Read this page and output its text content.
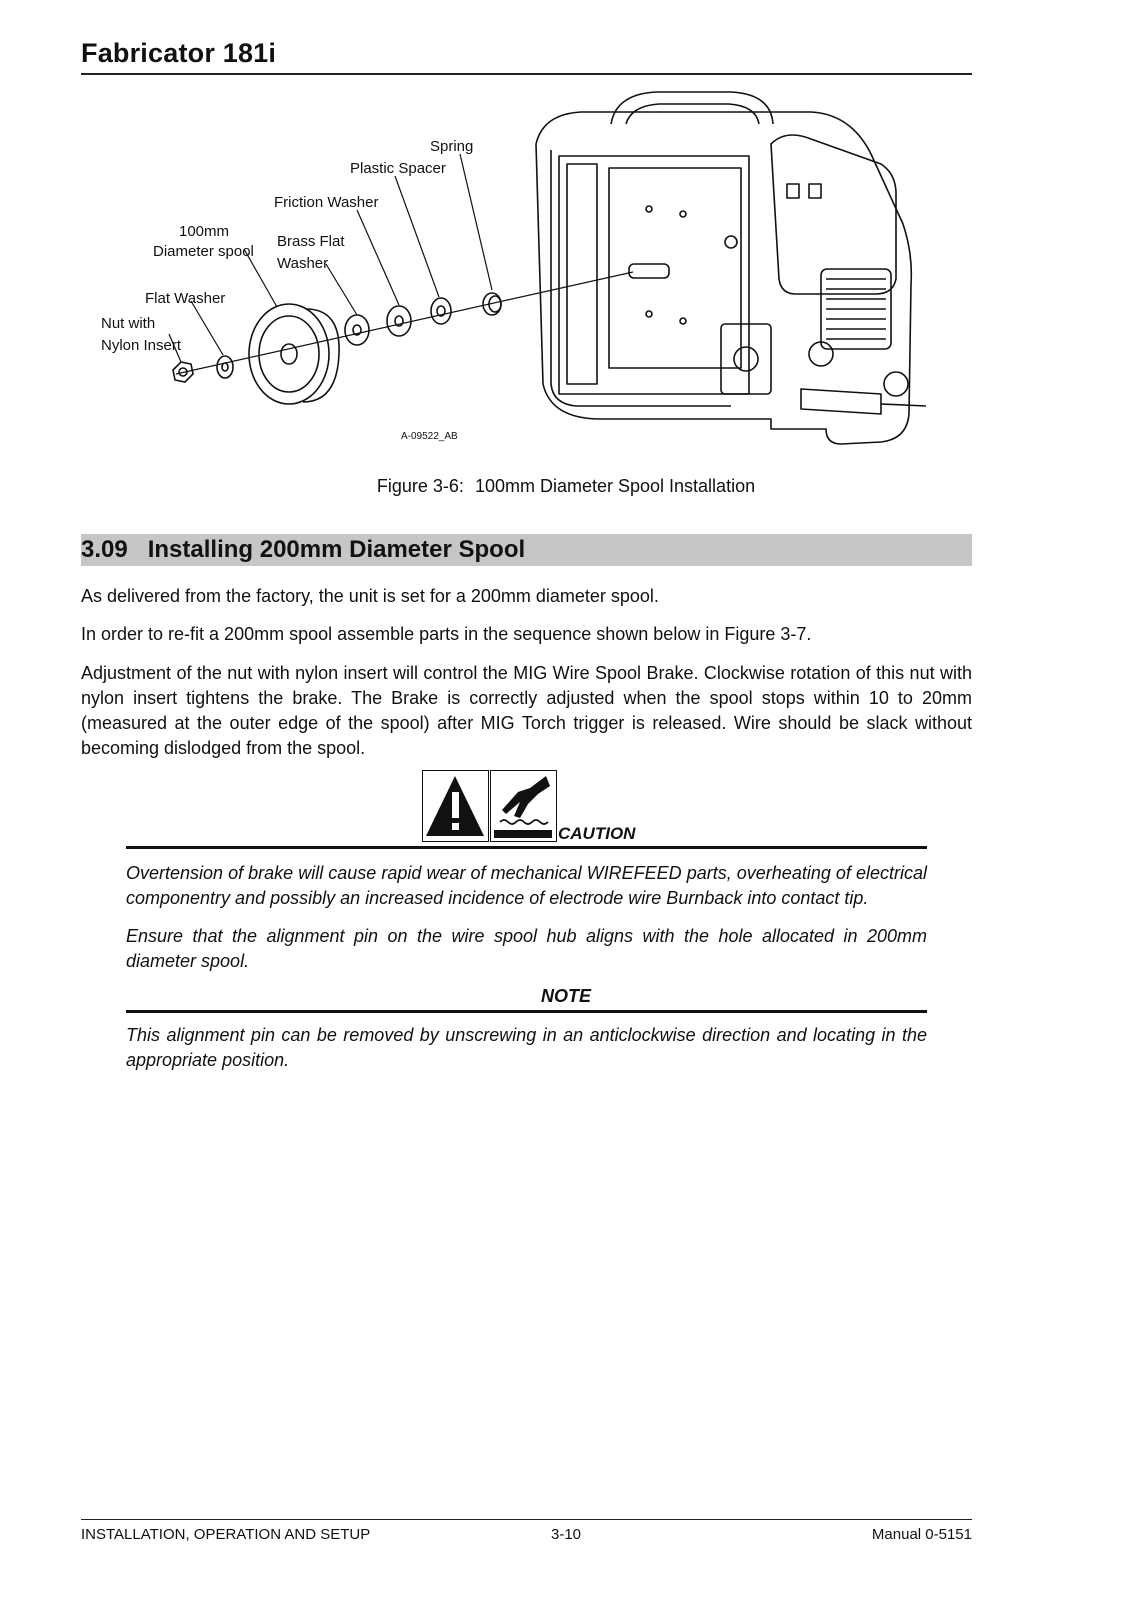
Fabricator 181i
Spring
Plastic Spacer
Friction Washer
100mm
Diameter spool
Brass Flat
Washer
Flat Washer
Nut with
Nylon Insert
A-09522_AB
Figure 3-6: 100mm Diameter Spool Installation
3.09 Installing 200mm Diameter Spool
As delivered from the factory, the unit is set for a 200mm diameter spool.
In order to re-fit a 200mm spool assemble parts in the sequence shown below in Figure 3-7.
Adjustment of the nut with nylon insert will control the MIG Wire Spool Brake. Clockwise rotation of this nut with nylon insert tightens the brake. The Brake is correctly adjusted when the spool stops within 10 to 20mm (measured at the outer edge of the spool) after MIG Torch trigger is released. Wire should be slack without becoming dislodged from the spool.
CAUTION
Overtension of brake will cause rapid wear of mechanical WIREFEED parts, overheating of electrical componentry and possibly an increased incidence of electrode wire Burnback into contact tip.
Ensure that the alignment pin on the wire spool hub aligns with the hole allocated in 200mm diameter spool.
NOTE
This alignment pin can be removed by unscrewing in an anticlockwise direction and locating in the appropriate position.
INSTALLATION, OPERATION AND SETUP	3-10	Manual 0-5151
